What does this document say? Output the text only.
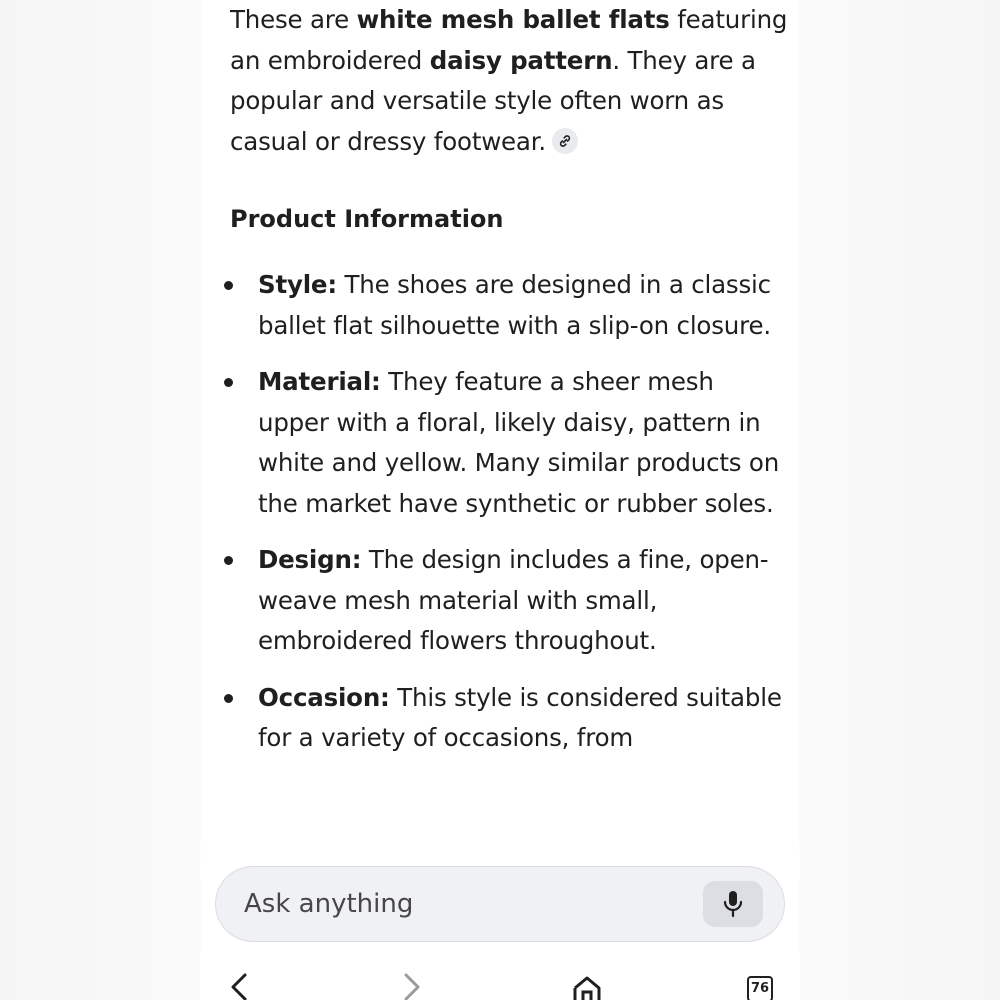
These are white mesh ballet flats featuring an embroidered daisy pattern. They are a popular and versatile style often worn as casual or dressy footwear.

Product Information
Style: The shoes are designed in a classic ballet flat silhouette with a slip-on closure.
Material: They feature a sheer mesh upper with a floral, likely daisy, pattern in white and yellow. Many similar products on the market have synthetic or rubber soles.
Design: The design includes a fine, open-weave mesh material with small, embroidered flowers throughout.
Occasion: This style is considered suitable for a variety of occasions, from
Ask anything
76
